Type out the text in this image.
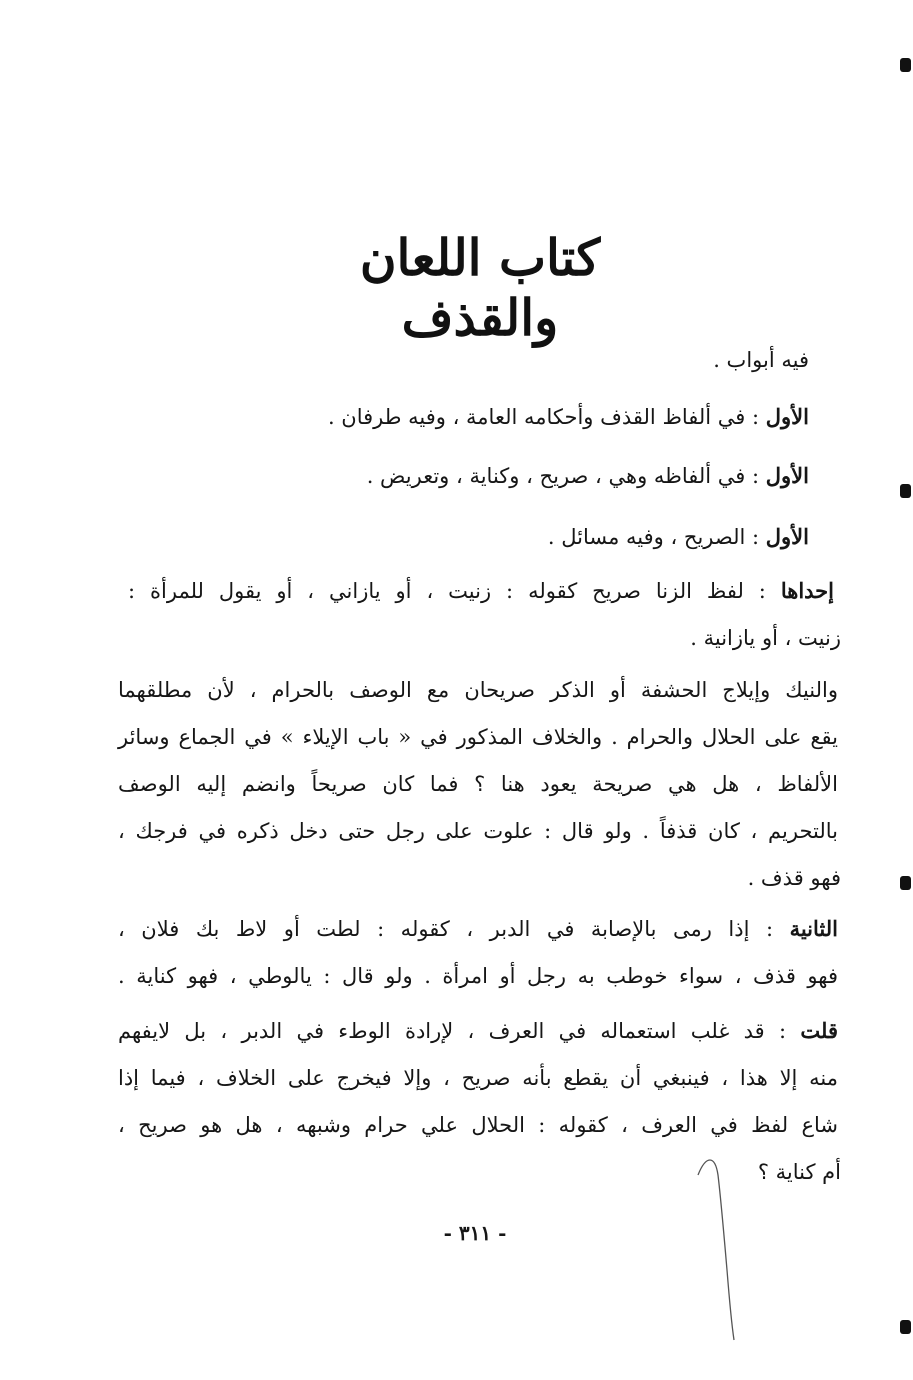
كتاب اللعان والقذف
فيه أبواب .
الأول : في ألفاظ القذف وأحكامه العامة ، وفيه طرفان .
الأول : في ألفاظه وهي ، صريح ، وكناية ، وتعريض .
الأول : الصريح ، وفيه مسائل .
إحداها : لفظ الزنا صريح كقوله : زنيت ، أو يازاني ، أو يقول للمرأة :
زنيت ، أو يازانية .
والنيك وإيلاج الحشفة أو الذكر صريحان مع الوصف بالحرام ، لأن مطلقهما
يقع على الحلال والحرام . والخلاف المذكور في « باب الإيلاء » في الجماع وسائر
الألفاظ ، هل هي صريحة يعود هنا ؟ فما كان صريحاً وانضم إليه الوصف
بالتحريم ، كان قذفاً . ولو قال : علوت على رجل حتى دخل ذكره في فرجك ،
فهو قذف .
الثانية : إذا رمى بالإصابة في الدبر ، كقوله : لطت أو لاط بك فلان ،
فهو قذف ، سواء خوطب به رجل أو امرأة . ولو قال : يالوطي ، فهو كناية .
قلت : قد غلب استعماله في العرف ، لإرادة الوطء في الدبر ، بل لايفهم
منه إلا هذا ، فينبغي أن يقطع بأنه صريح ، وإلا فيخرج على الخلاف ، فيما إذا
شاع لفظ في العرف ، كقوله : الحلال علي حرام وشبهه ، هل هو صريح ،
أم كناية ؟
- ٣١١ -
